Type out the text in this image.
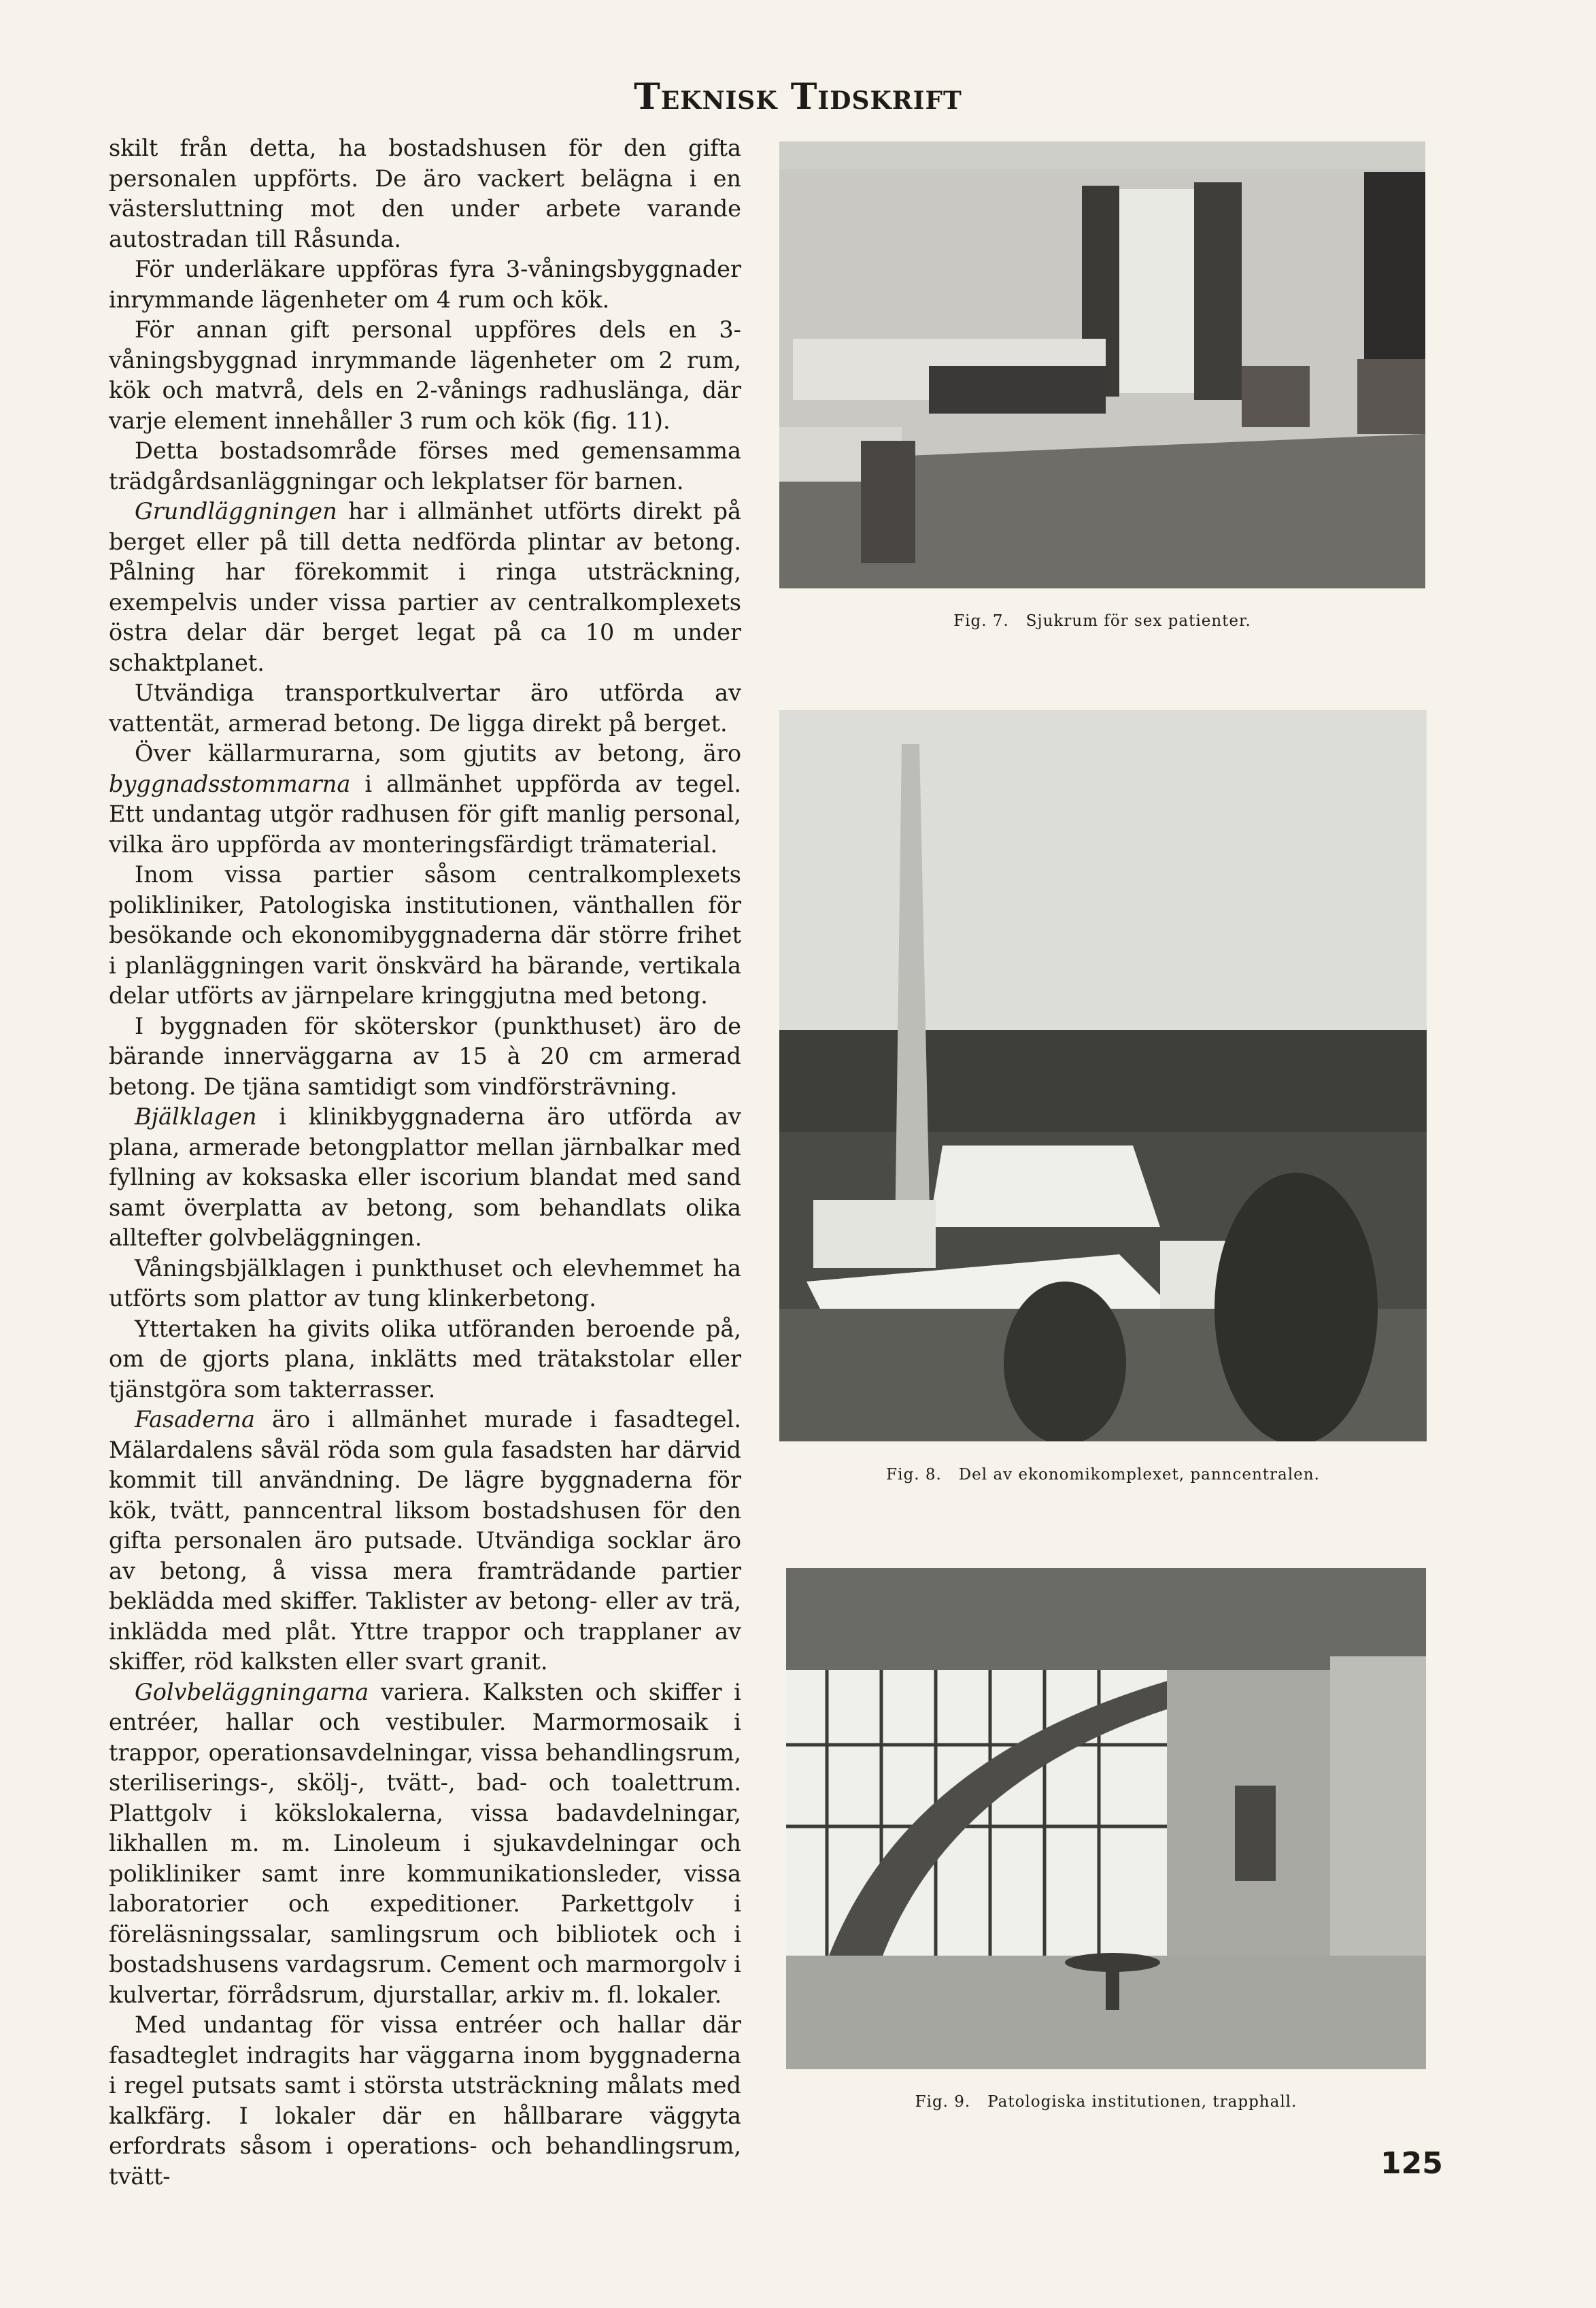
Teknisk Tidskrift

skilt från detta, ha bostadshusen för den gifta personalen uppförts. De äro vackert belägna i en västersluttning mot den under arbete varande autostradan till Råsunda.

För underläkare uppföras fyra 3-våningsbyggnader inrymmande lägenheter om 4 rum och kök.

För annan gift personal uppföres dels en 3-våningsbyggnad inrymmande lägenheter om 2 rum, kök och matvrå, dels en 2-vånings radhuslänga, där varje element innehåller 3 rum och kök (fig. 11).

Detta bostadsområde förses med gemensamma trädgårdsanläggningar och lekplatser för barnen.

Grundläggningen har i allmänhet utförts direkt på berget eller på till detta nedförda plintar av betong. Pålning har förekommit i ringa utsträckning, exempelvis under vissa partier av centralkomplexets östra delar där berget legat på ca 10 m under schaktplanet.

Utvändiga transportkulvertar äro utförda av vattentät, armerad betong. De ligga direkt på berget.

Över källarmurarna, som gjutits av betong, äro byggnadsstommarna i allmänhet uppförda av tegel. Ett undantag utgör radhusen för gift manlig personal, vilka äro uppförda av monteringsfärdigt trämaterial.

Inom vissa partier såsom centralkomplexets polikliniker, Patologiska institutionen, vänthallen för besökande och ekonomibyggnaderna där större frihet i planläggningen varit önskvärd ha bärande, vertikala delar utförts av järnpelare kringgjutna med betong.

I byggnaden för sköterskor (punkthuset) äro de bärande innerväggarna av 15 à 20 cm armerad betong. De tjäna samtidigt som vindförsträvning.

Bjälklagen i klinikbyggnaderna äro utförda av plana, armerade betongplattor mellan järnbalkar med fyllning av koksaska eller iscorium blandat med sand samt överplatta av betong, som behandlats olika alltefter golvbeläggningen.

Våningsbjälklagen i punkthuset och elevhemmet ha utförts som plattor av tung klinkerbetong.

Yttertaken ha givits olika utföranden beroende på, om de gjorts plana, inklätts med trätakstolar eller tjänstgöra som takterrasser.

Fasaderna äro i allmänhet murade i fasadtegel. Mälardalens såväl röda som gula fasadsten har därvid kommit till användning. De lägre byggnaderna för kök, tvätt, panncentral liksom bostadshusen för den gifta personalen äro putsade. Utvändiga socklar äro av betong, å vissa mera framträdande partier beklädda med skiffer. Taklister av betong- eller av trä, inklädda med plåt. Yttre trappor och trapplaner av skiffer, röd kalksten eller svart granit.

Golvbeläggningarna variera. Kalksten och skiffer i entréer, hallar och vestibuler. Marmormosaik i trappor, operationsavdelningar, vissa behandlingsrum, steriliserings-, skölj-, tvätt-, bad- och toalettrum. Plattgolv i kökslokalerna, vissa badavdelningar, likhallen m. m. Linoleum i sjukavdelningar och polikliniker samt inre kommunikationsleder, vissa laboratorier och expeditioner. Parkettgolv i föreläsningssalar, samlingsrum och bibliotek och i bostadshusens vardagsrum. Cement och marmorgolv i kulvertar, förrådsrum, djurstallar, arkiv m. fl. lokaler.

Med undantag för vissa entréer och hallar där fasadteglet indragits har väggarna inom byggnaderna i regel putsats samt i största utsträckning målats med kalkfärg. I lokaler där en hållbarare väggyta erfordrats såsom i operations- och behandlingsrum, tvätt-

Fig. 7. Sjukrum för sex patienter.
Fig. 8. Del av ekonomikomplexet, panncentralen.
Fig. 9. Patologiska institutionen, trapphall.
125
